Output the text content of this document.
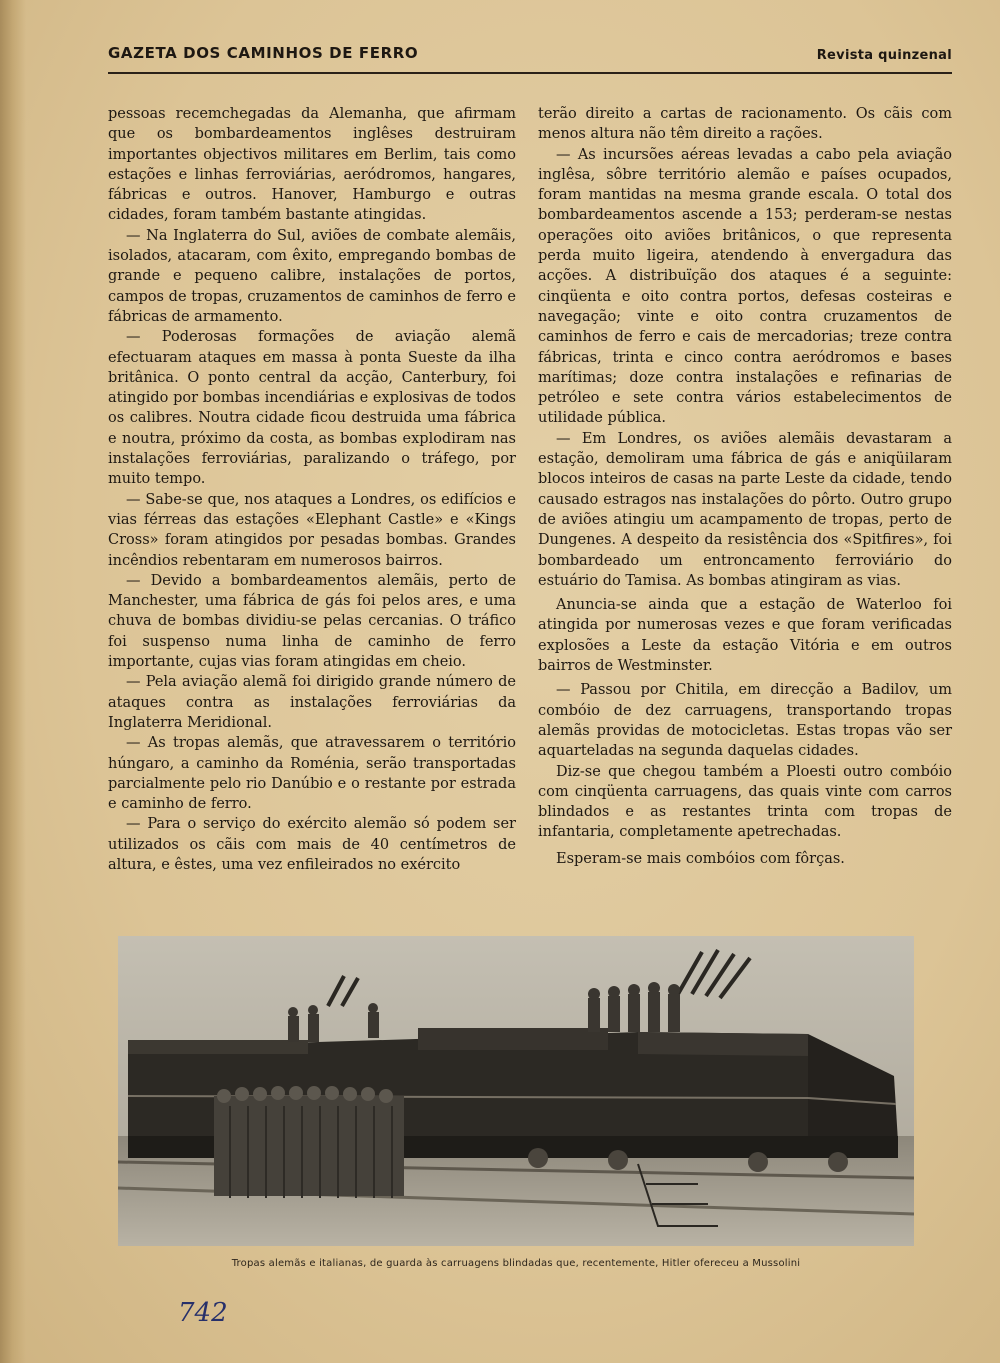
GAZETA DOS CAMINHOS DE FERRO	Revista quinzenal

pessoas recemchegadas da Alemanha, que afirmam que os bombardeamentos inglêses destruiram importantes objectivos militares em Berlim, tais como estações e linhas ferroviárias, aeródromos, hangares, fábricas e outros. Hanover, Hamburgo e outras cidades, foram também bastante atingidas.

— Na Inglaterra do Sul, aviões de combate alemãis, isolados, atacaram, com êxito, empregando bombas de grande e pequeno calibre, instalações de portos, campos de tropas, cruzamentos de caminhos de ferro e fábricas de armamento.

— Poderosas formações de aviação alemã efectuaram ataques em massa à ponta Sueste da ilha britânica. O ponto central da acção, Canterbury, foi atingido por bombas incendiárias e explosivas de todos os calibres. Noutra cidade ficou destruida uma fábrica e noutra, próximo da costa, as bombas explodiram nas instalações ferroviárias, paralizando o tráfego, por muito tempo.

— Sabe-se que, nos ataques a Londres, os edifícios e vias férreas das estações «Elephant Castle» e «Kings Cross» foram atingidos por pesadas bombas. Grandes incêndios rebentaram em numerosos bairros.

— Devido a bombardeamentos alemãis, perto de Manchester, uma fábrica de gás foi pelos ares, e uma chuva de bombas dividiu-se pelas cercanias. O tráfico foi suspenso numa linha de caminho de ferro importante, cujas vias foram atingidas em cheio.

— Pela aviação alemã foi dirigido grande número de ataques contra as instalações ferroviárias da Inglaterra Meridional.

— As tropas alemãs, que atravessarem o território húngaro, a caminho da Roménia, serão transportadas parcialmente pelo rio Danúbio e o restante por estrada e caminho de ferro.

— Para o serviço do exército alemão só podem ser utilizados os cãis com mais de 40 centímetros de altura, e êstes, uma vez enfileirados no exército

terão direito a cartas de racionamento. Os cãis com menos altura não têm direito a rações.

— As incursões aéreas levadas a cabo pela aviação inglêsa, sôbre território alemão e países ocupados, foram mantidas na mesma grande escala. O total dos bombardeamentos ascende a 153; perderam-se nestas operações oito aviões britânicos, o que representa perda muito ligeira, atendendo à envergadura das acções. A distribuïção dos ataques é a seguinte: cinqüenta e oito contra portos, defesas costeiras e navegação; vinte e oito contra cruzamentos de caminhos de ferro e cais de mercadorias; treze contra fábricas, trinta e cinco contra aeródromos e bases marítimas; doze contra instalações e refinarias de petróleo e sete contra vários estabelecimentos de utilidade pública.

— Em Londres, os aviões alemãis devastaram a estação, demoliram uma fábrica de gás e aniqüilaram blocos inteiros de casas na parte Leste da cidade, tendo causado estragos nas instalações do pôrto. Outro grupo de aviões atingiu um acampamento de tropas, perto de Dungenes. A despeito da resistência dos «Spitfires», foi bombardeado um entroncamento ferroviário do estuário do Tamisa. As bombas atingiram as vias.

Anuncia-se ainda que a estação de Waterloo foi atingida por numerosas vezes e que foram verificadas explosões a Leste da estação Vitória e em outros bairros de Westminster.

— Passou por Chitila, em direcção a Badilov, um combóio de dez carruagens, transportando tropas alemãs providas de motocicletas. Estas tropas vão ser aquarteladas na segunda daquelas cidades.

Diz-se que chegou também a Ploesti outro combóio com cinqüenta carruagens, das quais vinte com carros blindados e as restantes trinta com tropas de infantaria, completamente apetrechadas.

Esperam-se mais combóios com fôrças.

Tropas alemãs e italianas, de guarda às carruagens blindadas que, recentemente, Hitler ofereceu a Mussolini
742
